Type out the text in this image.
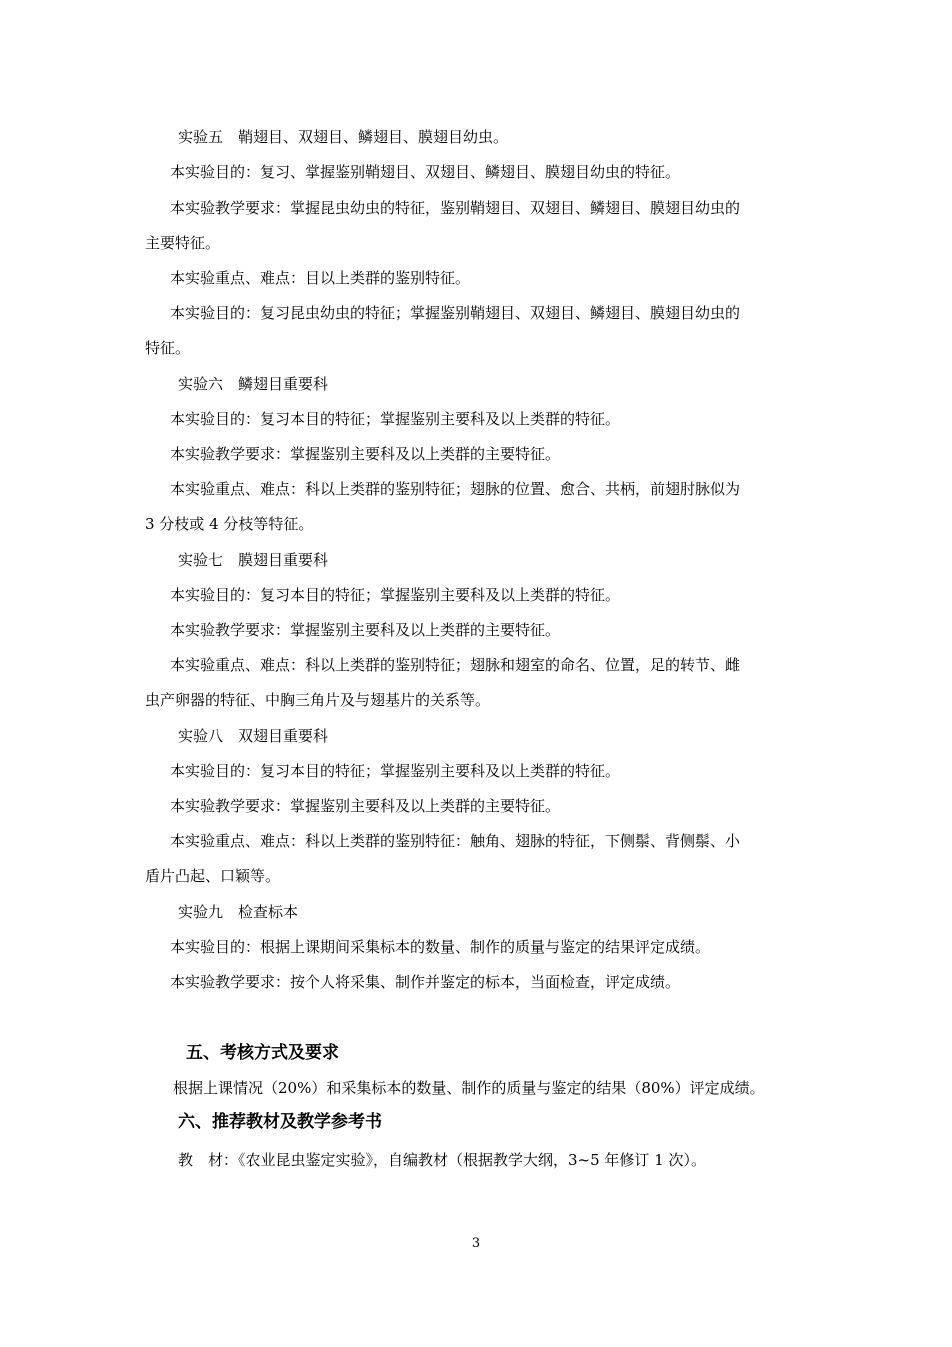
实验五　鞘翅目、双翅目、鳞翅目、膜翅目幼虫。
本实验目的：复习、掌握鉴别鞘翅目、双翅目、鳞翅目、膜翅目幼虫的特征。
本实验教学要求：掌握昆虫幼虫的特征，鉴别鞘翅目、双翅目、鳞翅目、膜翅目幼虫的
主要特征。
本实验重点、难点：目以上类群的鉴别特征。
本实验目的：复习昆虫幼虫的特征；掌握鉴别鞘翅目、双翅目、鳞翅目、膜翅目幼虫的
特征。
实验六　鳞翅目重要科
本实验目的：复习本目的特征；掌握鉴别主要科及以上类群的特征。
本实验教学要求：掌握鉴别主要科及以上类群的主要特征。
本实验重点、难点：科以上类群的鉴别特征；翅脉的位置、愈合、共柄，前翅肘脉似为
3 分枝或 4 分枝等特征。
实验七　膜翅目重要科
本实验目的：复习本目的特征；掌握鉴别主要科及以上类群的特征。
本实验教学要求：掌握鉴别主要科及以上类群的主要特征。
本实验重点、难点：科以上类群的鉴别特征；翅脉和翅室的命名、位置，足的转节、雌
虫产卵器的特征、中胸三角片及与翅基片的关系等。
实验八　双翅目重要科
本实验目的：复习本目的特征；掌握鉴别主要科及以上类群的特征。
本实验教学要求：掌握鉴别主要科及以上类群的主要特征。
本实验重点、难点：科以上类群的鉴别特征：触角、翅脉的特征，下侧鬃、背侧鬃、小
盾片凸起、口颖等。
实验九　检查标本
本实验目的：根据上课期间采集标本的数量、制作的质量与鉴定的结果评定成绩。
本实验教学要求：按个人将采集、制作并鉴定的标本，当面检查，评定成绩。
五、考核方式及要求
根据上课情况（20%）和采集标本的数量、制作的质量与鉴定的结果（80%）评定成绩。
六、推荐教材及教学参考书
教　材：《农业昆虫鉴定实验》，自编教材（根据教学大纲，3~5 年修订 1 次）。
3
